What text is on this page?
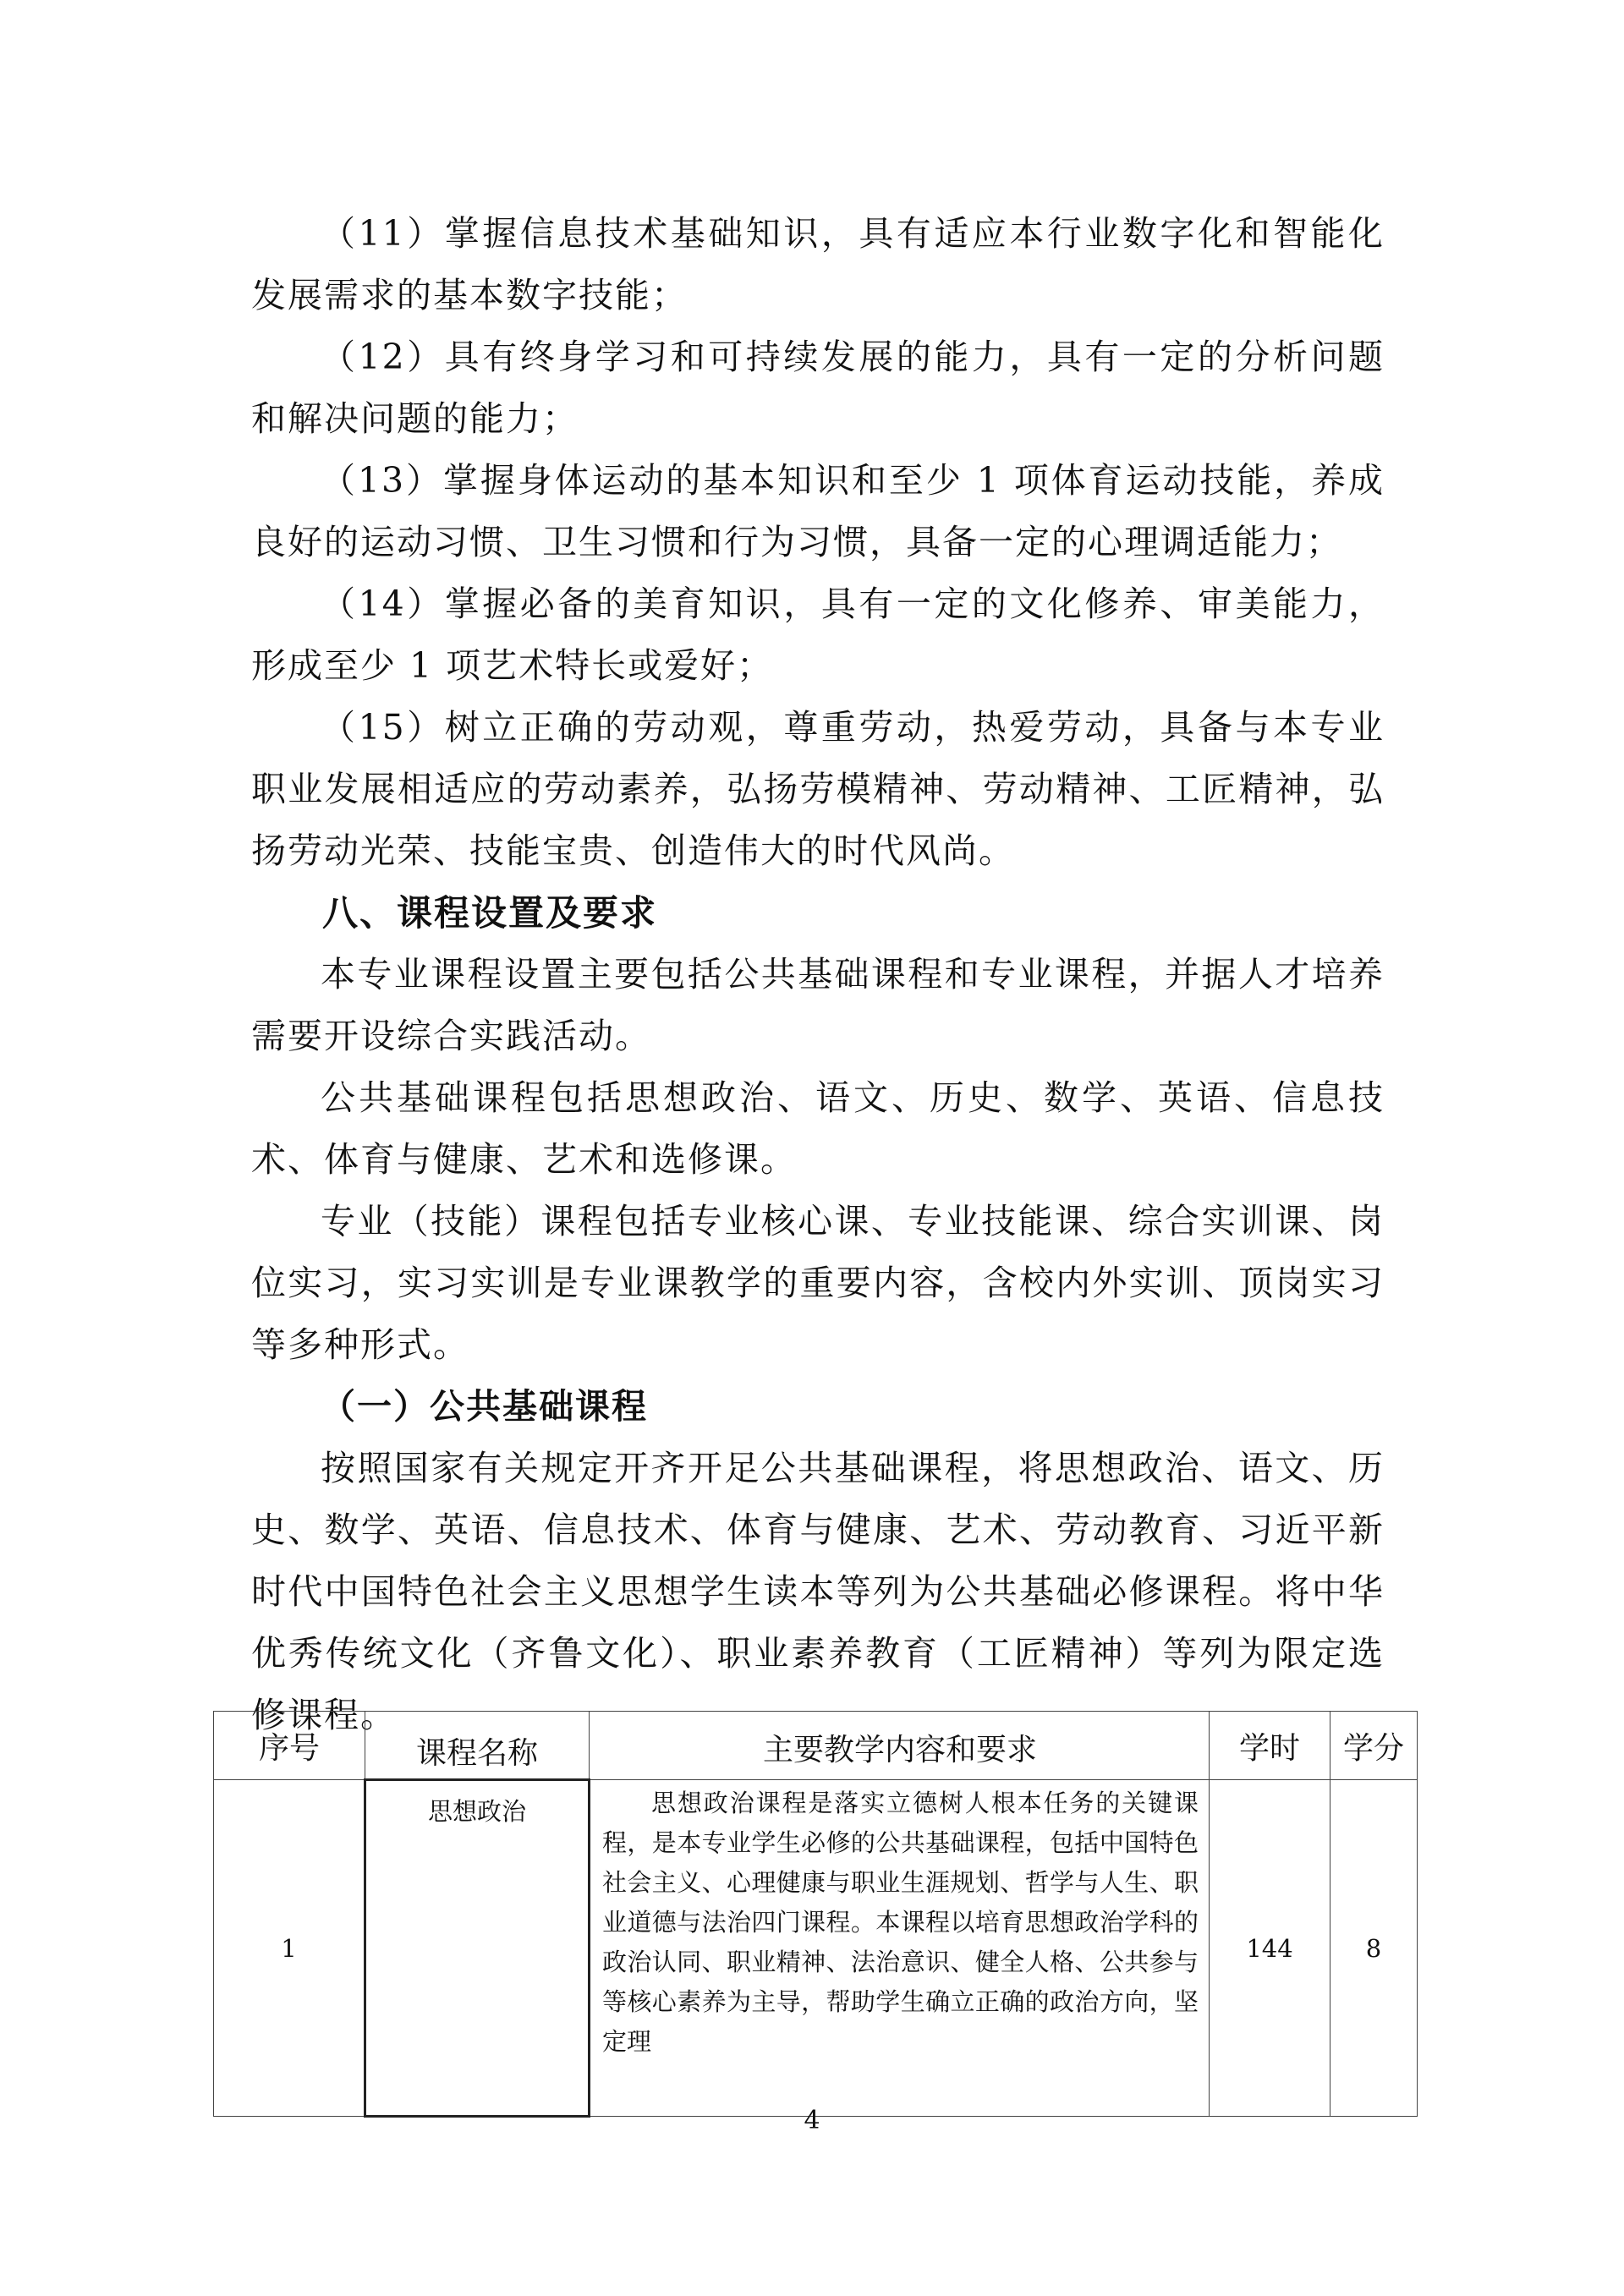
（11）掌握信息技术基础知识，具有适应本行业数字化和智能化发展需求的基本数字技能；

（12）具有终身学习和可持续发展的能力，具有一定的分析问题和解决问题的能力；

（13）掌握身体运动的基本知识和至少 1 项体育运动技能，养成良好的运动习惯、卫生习惯和行为习惯，具备一定的心理调适能力；

（14）掌握必备的美育知识，具有一定的文化修养、审美能力，形成至少 1 项艺术特长或爱好；

（15）树立正确的劳动观，尊重劳动，热爱劳动，具备与本专业职业发展相适应的劳动素养，弘扬劳模精神、劳动精神、工匠精神，弘扬劳动光荣、技能宝贵、创造伟大的时代风尚。

八、课程设置及要求

本专业课程设置主要包括公共基础课程和专业课程，并据人才培养需要开设综合实践活动。

公共基础课程包括思想政治、语文、历史、数学、英语、信息技术、体育与健康、艺术和选修课。

专业（技能）课程包括专业核心课、专业技能课、综合实训课、岗位实习，实习实训是专业课教学的重要内容，含校内外实训、顶岗实习等多种形式。

（一）公共基础课程

按照国家有关规定开齐开足公共基础课程，将思想政治、语文、历史、数学、英语、信息技术、体育与健康、艺术、劳动教育、习近平新时代中国特色社会主义思想学生读本等列为公共基础必修课程。将中华优秀传统文化（齐鲁文化）、职业素养教育（工匠精神）等列为限定选修课程。

序号	课程名称	主要教学内容和要求	学时	学分
1	思想政治	思想政治课程是落实立德树人根本任务的关键课程，是本专业学生必修的公共基础课程，包括中国特色社会主义、心理健康与职业生涯规划、哲学与人生、职业道德与法治四门课程。本课程以培育思想政治学科的政治认同、职业精神、法治意识、健全人格、公共参与等核心素养为主导，帮助学生确立正确的政治方向，坚定理	144	8
4
